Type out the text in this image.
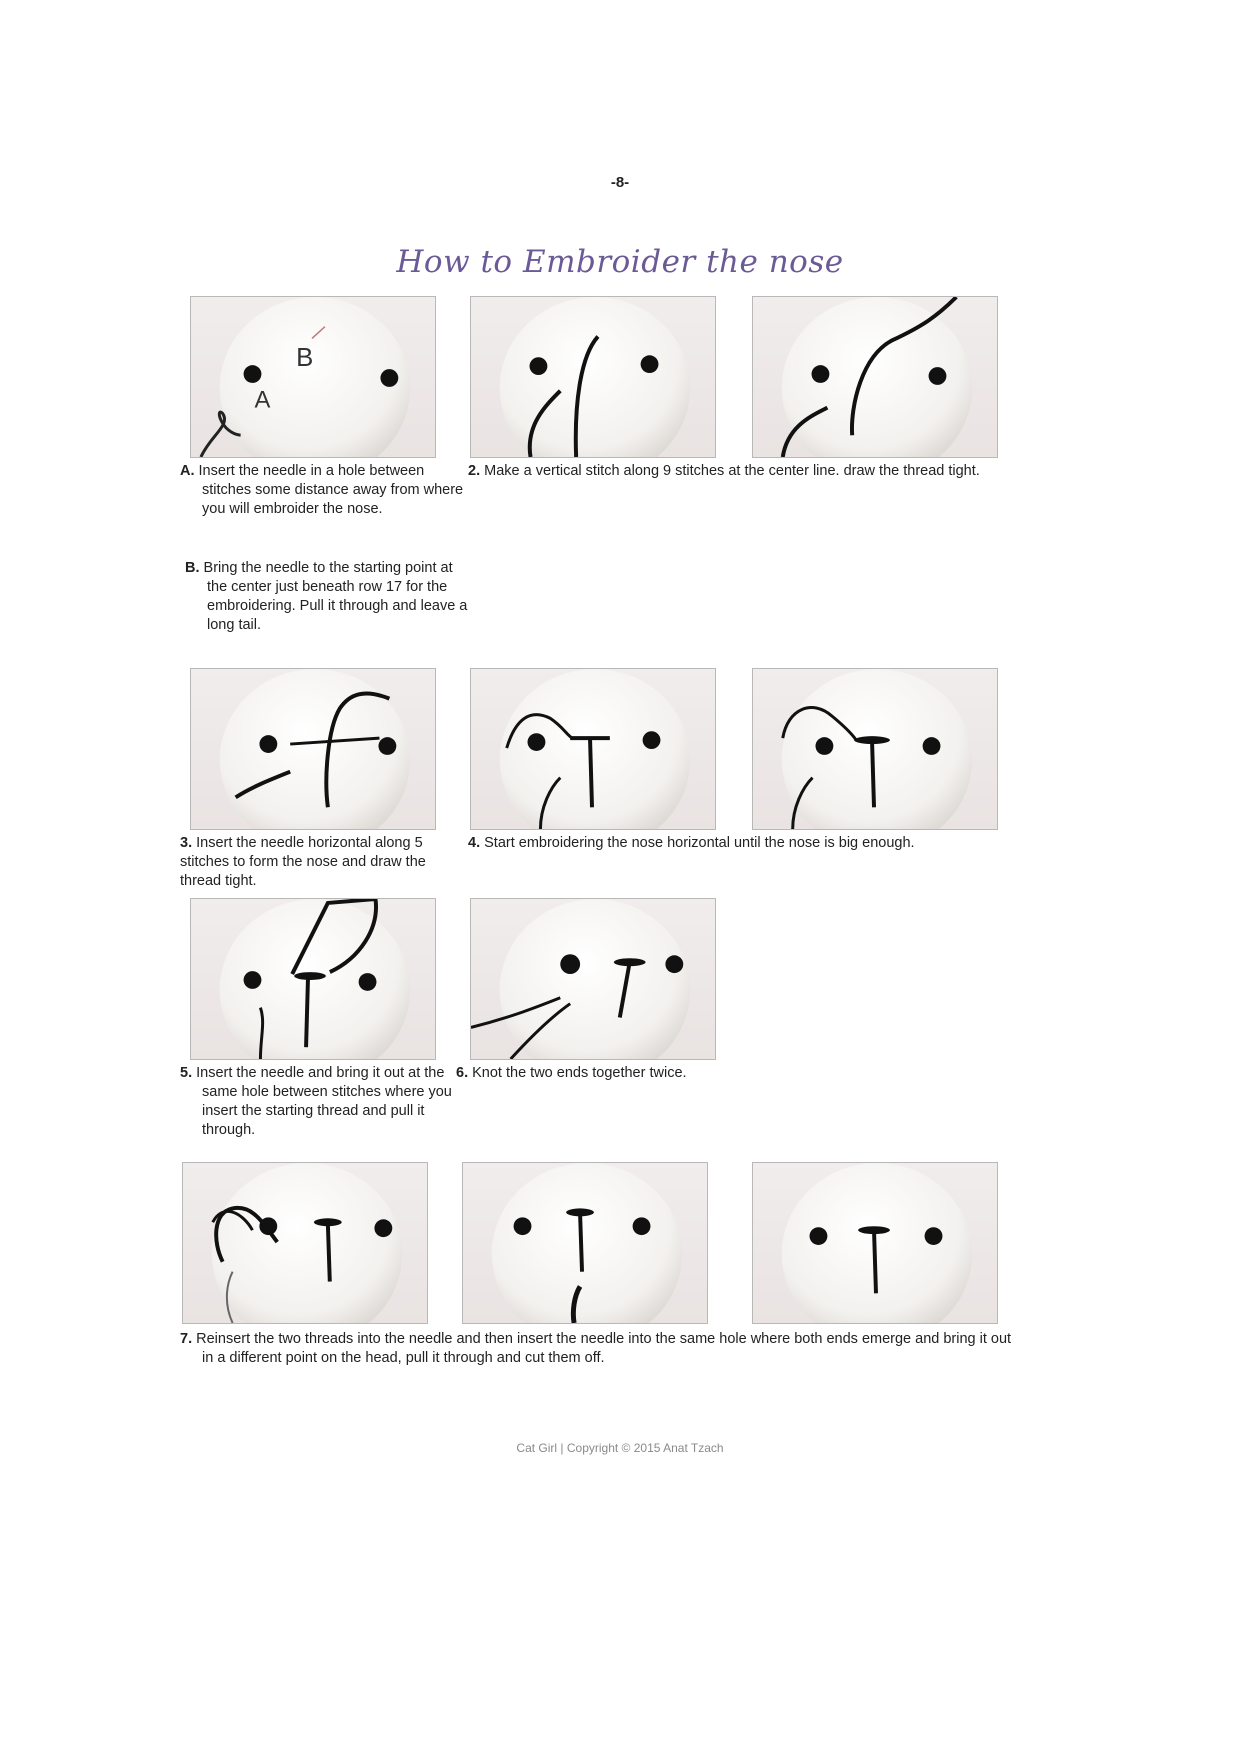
-8-
How to Embroider the nose
B
A
A. Insert the needle in a hole between stitches some distance away from where you will embroider the nose.
B. Bring the needle to the starting point at the center just beneath row 17 for the embroidering. Pull it through and leave a long tail.
2. Make a vertical stitch along 9 stitches at the center line. draw the thread tight.
3. Insert the needle horizontal along 5 stitches to form the nose and draw the thread tight.
4. Start embroidering the nose horizontal until the nose is big enough.
5. Insert the needle and bring it out at the same hole between stitches where you insert the starting thread and pull it through.
6. Knot the two ends together twice.
7. Reinsert the two threads into the needle and then insert the needle into the same hole where both ends emerge and bring it out in a different point on the head, pull it through and cut them off.
Cat Girl | Copyright © 2015 Anat Tzach
